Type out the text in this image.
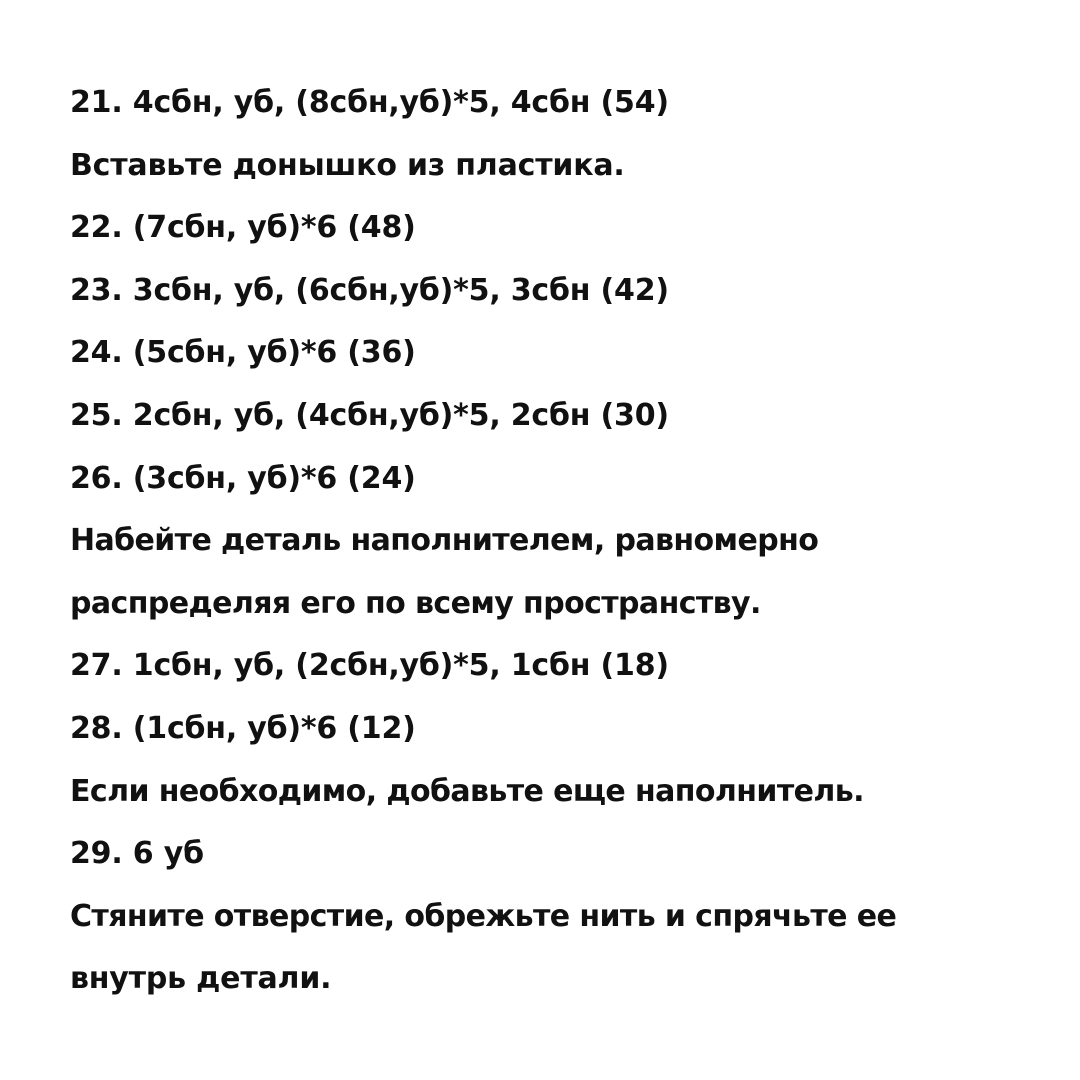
21. 4сбн, уб, (8сбн,уб)*5, 4сбн (54)
Вставьте донышко из пластика.
22. (7сбн, уб)*6 (48)
23. 3сбн, уб, (6сбн,уб)*5, 3сбн (42)
24. (5сбн, уб)*6 (36)
25. 2сбн, уб, (4сбн,уб)*5, 2сбн (30)
26. (3сбн, уб)*6 (24)
Набейте деталь наполнителем, равномерно
распределяя его по всему пространству.
27. 1сбн, уб, (2сбн,уб)*5, 1сбн (18)
28. (1сбн, уб)*6 (12)
Если необходимо, добавьте еще наполнитель.
29. 6 уб
Стяните отверстие, обрежьте нить и спрячьте ее
внутрь детали.
